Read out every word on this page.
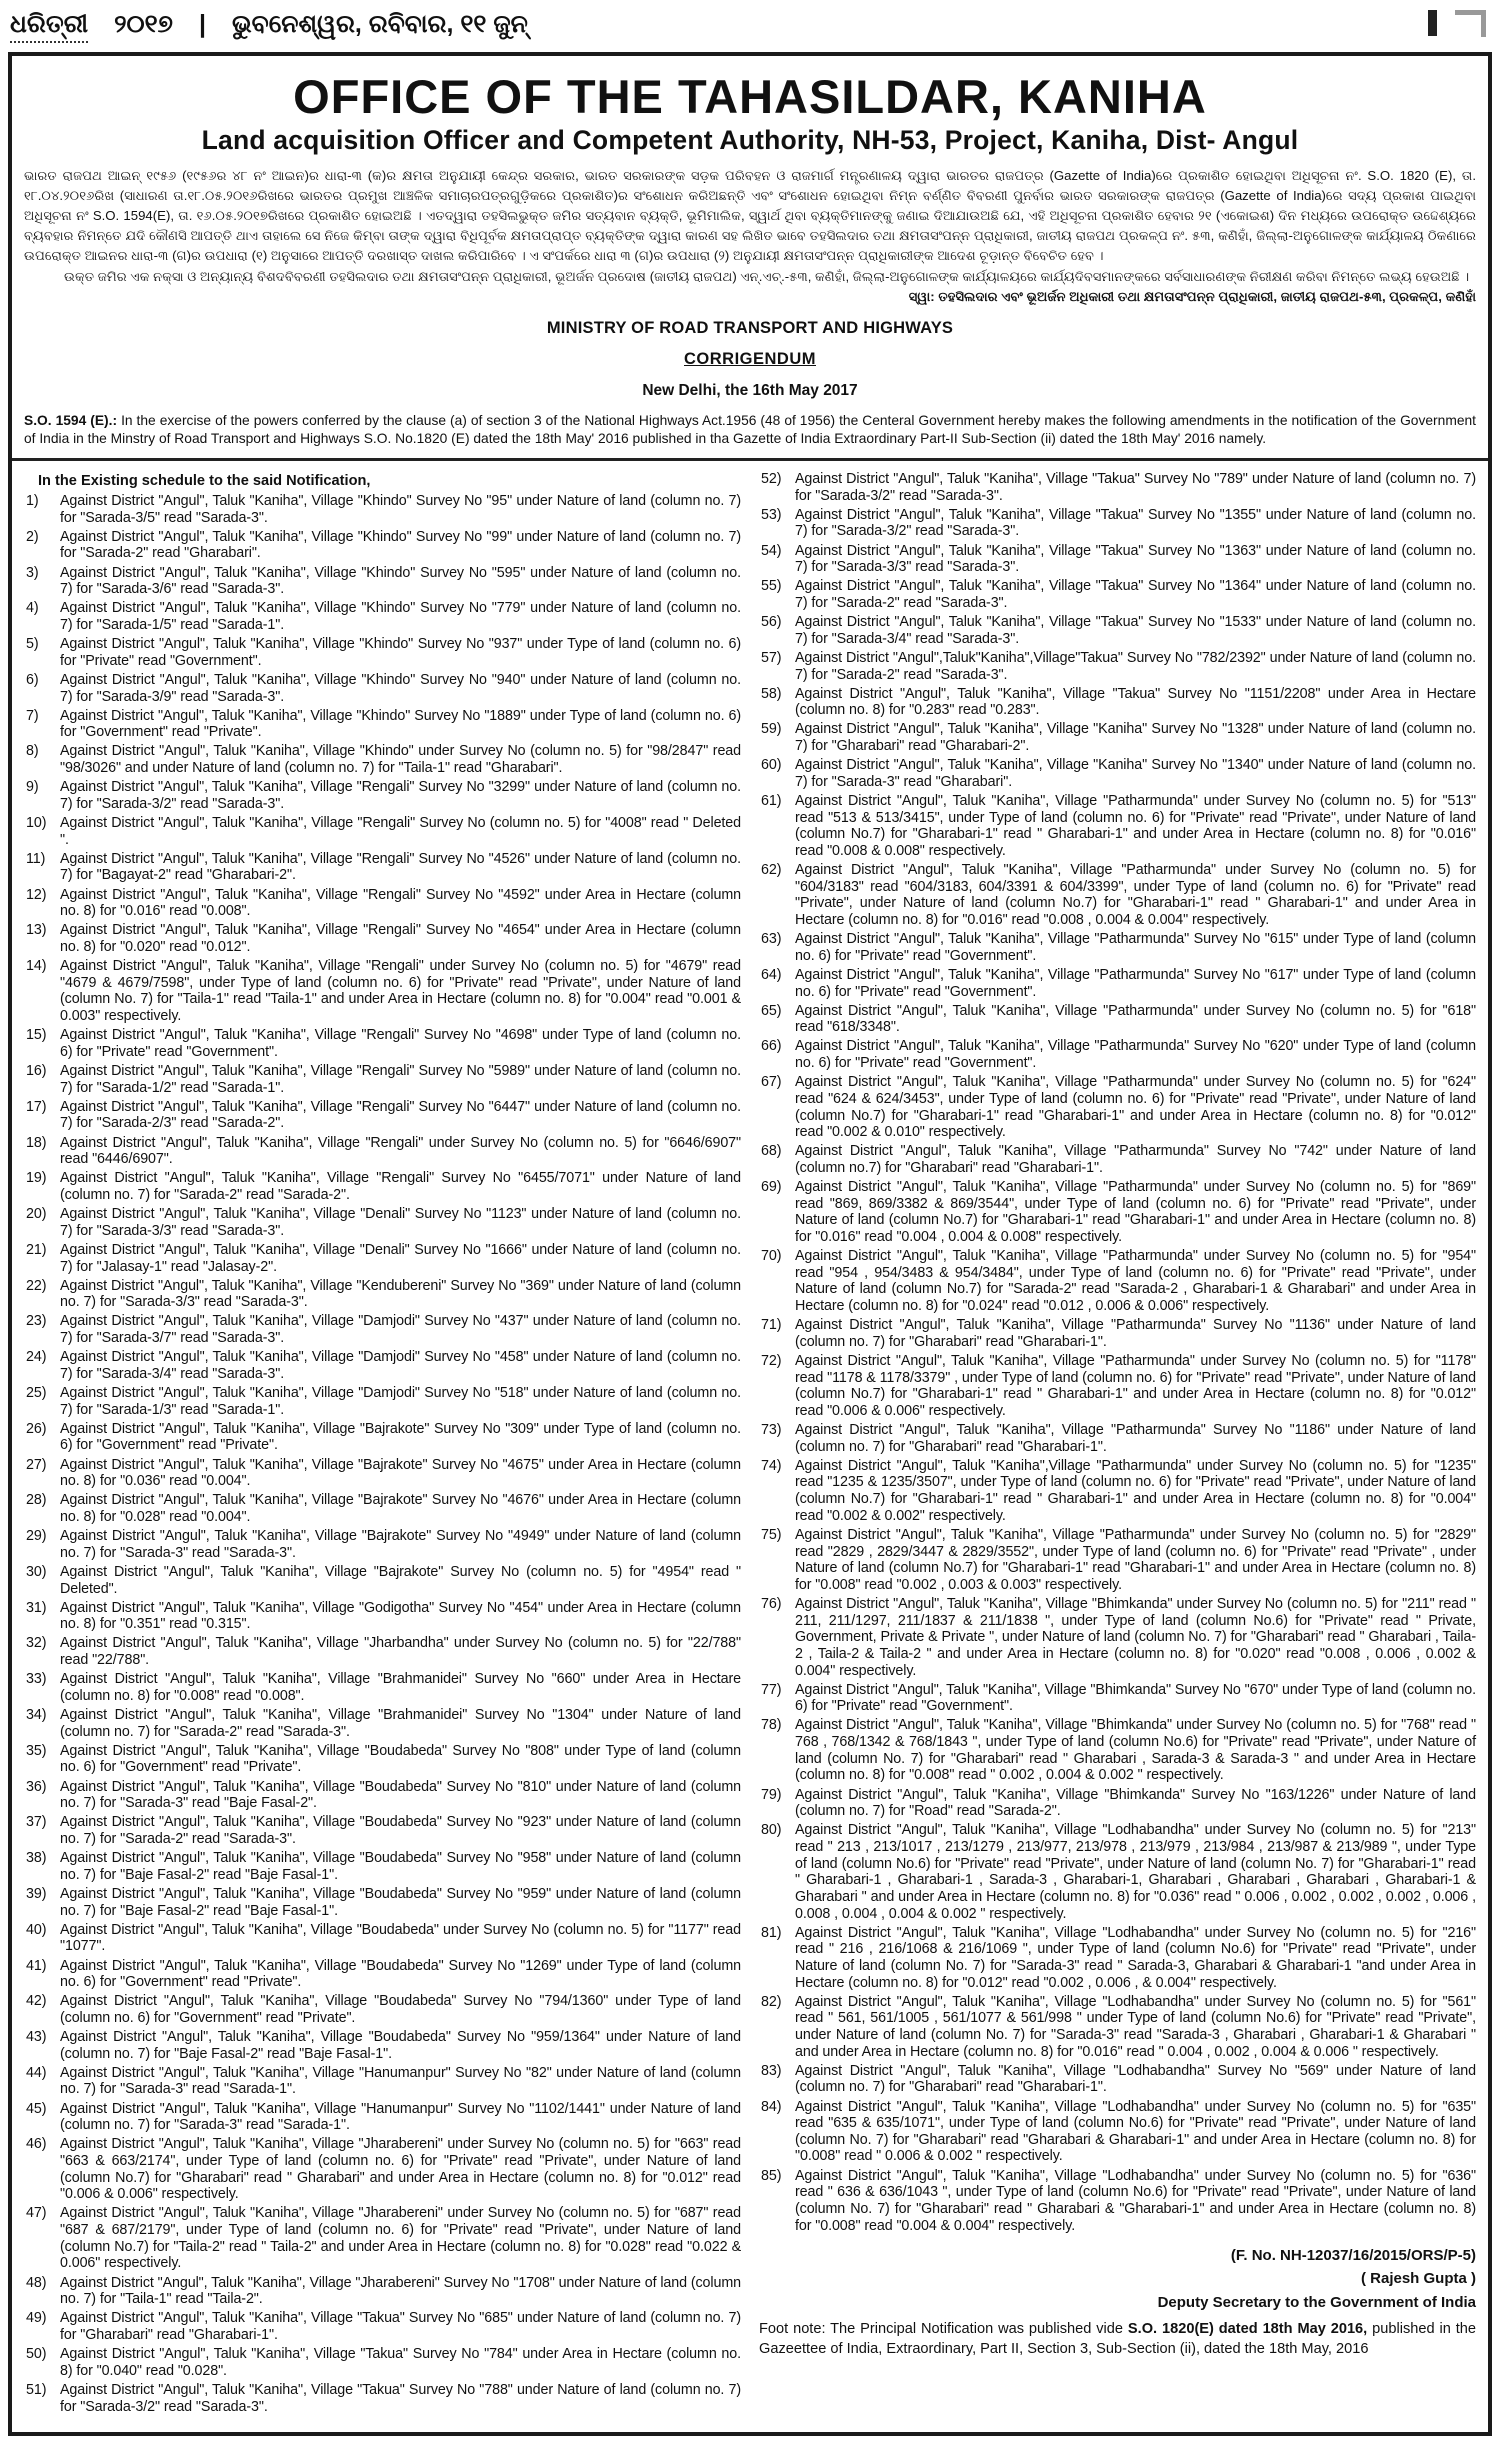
ଧରିତ୍ରୀ ୨୦୧୭ | ଭୁବନେଶ୍ୱର, ରବିବାର, ୧୧ ଜୁନ୍
OFFICE OF THE TAHASILDAR, KANIHA
Land acquisition Officer and Competent Authority, NH-53, Project, Kaniha, Dist- Angul
ଭାରତ ରାଜପଥ ଆଇନ୍ ୧୯୫୬ (୧୯୫୬ର ୪୮ ନଂ ଆଇନ)ର ଧାରା-୩ (କ)ର କ୍ଷମତା ଅନୁଯାୟୀ କେନ୍ଦ୍ର ସରକାର, ଭାରତ ସରକାରଙ୍କ ସଡ଼କ ପରିବହନ ଓ ରାଜମାର୍ଗ ମନ୍ତ୍ରଣାଳୟ ଦ୍ୱାରା ଭାରତର ରାଜପତ୍ର (Gazette of India)ରେ ପ୍ରକାଶିତ ହୋଇଥିବା ଅଧିସୂଚନା ନଂ. S.O. 1820 (E), ତା. ୧୮.୦୪.୨୦୧୬ରିଖ (ସାଧାରଣ ତା.୧୮.୦୫.୨୦୧୬ରିଖରେ ଭାରତର ପ୍ରମୁଖ ଆଞ୍ଚଳିକ ସମାଚାରପତ୍ରଗୁଡ଼ିକରେ ପ୍ରକାଶିତ)ର ସଂଶୋଧନ କରିଅଛନ୍ତି ଏବଂ ସଂଶୋଧନ ହୋଇଥିବା ନିମ୍ନ ବର୍ଣ୍ଣିତ ବିବରଣୀ ପୁନର୍ବାର ଭାରତ ସରକାରଙ୍କ ରାଜପତ୍ର (Gazette of India)ରେ ସଦ୍ୟ ପ୍ରକାଶ ପାଇଥିବା ଅଧିସୂଚନା ନଂ S.O. 1594(E), ତା. ୧୬.୦୫.୨୦୧୭ରିଖରେ ପ୍ରକାଶିତ ହୋଇଅଛି । ଏତଦ୍ୱାରା ତହସିଲଭୁକ୍ତ ଜମିର ସତ୍ୟବାନ ବ୍ୟକ୍ତି, ଭୂମିମାଲିକ, ସ୍ୱାର୍ଥ ଥିବା ବ୍ୟକ୍ତିମାନଙ୍କୁ ଜଣାଇ ଦିଆଯାଉଅଛି ଯେ, ଏହି ଅଧିସୂଚନା ପ୍ରକାଶିତ ହେବାର ୨୧ (ଏକୋଇଶ) ଦିନ ମଧ୍ୟରେ ଉପରୋକ୍ତ ଉଦ୍ଦେଶ୍ୟରେ ବ୍ୟବହାର ନିମନ୍ତେ ଯଦି କୌଣସି ଆପତ୍ତି ଥାଏ ତାହାଲେ ସେ ନିଜେ କିମ୍ବା ତାଙ୍କ ଦ୍ୱାରା ବିଧିପୂର୍ବକ କ୍ଷମତାପ୍ରାପ୍ତ ବ୍ୟକ୍ତିଙ୍କ ଦ୍ୱାରା କାରଣ ସହ ଲିଖିତ ଭାବେ ତହସିଲଦାର ତଥା କ୍ଷମତାସଂପନ୍ନ ପ୍ରାଧିକାରୀ, ଜାତୀୟ ରାଜପଥ ପ୍ରକଳ୍ପ ନଂ. ୫୩, କଣିହାଁ, ଜିଲ୍ଲା-ଅନୁଗୋଳଙ୍କ କାର୍ଯ୍ୟାଳୟ ଠିକଣାରେ ଉପରୋକ୍ତ ଆଇନର ଧାରା-୩ (ଗ)ର ଉପଧାରା (୧) ଅନୁସାରେ ଆପତ୍ତି ଦରଖାସ୍ତ ଦାଖଲ କରିପାରିବେ । ଏ ସଂପର୍କରେ ଧାରା ୩ (ଗ)ର ଉପଧାରା (୨) ଅନୁଯାୟୀ କ୍ଷମତାସଂପନ୍ନ ପ୍ରାଧିକାରୀଙ୍କ ଆଦେଶ ଚୂଡ଼ାନ୍ତ ବିବେଚିତ ହେବ ।
ଉକ୍ତ ଜମିର ଏକ ନକ୍ସା ଓ ଅନ୍ୟାନ୍ୟ ବିଶଦବିବରଣୀ ତହସିଲଦାର ତଥା କ୍ଷମତାସଂପନ୍ନ ପ୍ରାଧିକାରୀ, ଭୂଅର୍ଜନ ପ୍ରଦୋଷ (ଜାତୀୟ ରାଜପଥ) ଏନ୍.ଏଚ୍.-୫୩, କଣିହାଁ, ଜିଲ୍ଲା-ଅନୁଗୋଳଙ୍କ କାର୍ଯ୍ୟାଳୟରେ କାର୍ଯ୍ୟଦିବସମାନଙ୍କରେ ସର୍ବସାଧାରଣଙ୍କ ନିରୀକ୍ଷଣ କରିବା ନିମନ୍ତେ ଲଭ୍ୟ ହେଉଅଛି ।
ସ୍ୱା: ତହସିଲଦାର ଏବଂ ଭୂଅର୍ଜନ ଅଧିକାରୀ ତଥା କ୍ଷମତାସଂପନ୍ନ ପ୍ରାଧିକାରୀ, ଜାତୀୟ ରାଜପଥ-୫୩, ପ୍ରକଳ୍ପ, କଣିହାଁ
MINISTRY OF ROAD TRANSPORT AND HIGHWAYS
CORRIGENDUM
New Delhi, the 16th May 2017
S.O. 1594 (E).: In the exercise of the powers conferred by the clause (a) of section 3 of the National Highways Act.1956 (48 of 1956) the Centeral Government hereby makes the following amendments in the notification of the Government of India in the Minstry of Road Transport and Highways S.O. No.1820 (E) dated the 18th May' 2016 published in tha Gazette of India Extraordinary Part-II Sub-Section (ii) dated the 18th May' 2016 namely.
In the Existing schedule to the said Notification,
1)	Against District "Angul", Taluk "Kaniha", Village "Khindo" Survey No "95" under Nature of land (column no. 7) for "Sarada-3/5" read "Sarada-3".
2)	Against District "Angul", Taluk "Kaniha", Village "Khindo" Survey No "99" under Nature of land (column no. 7) for "Sarada-2" read "Gharabari".
3)	Against District "Angul", Taluk "Kaniha", Village "Khindo" Survey No "595" under Nature of land (column no. 7) for "Sarada-3/6" read "Sarada-3".
4)	Against District "Angul", Taluk "Kaniha", Village "Khindo" Survey No "779" under Nature of land (column no. 7) for "Sarada-1/5" read "Sarada-1".
5)	Against District "Angul", Taluk "Kaniha", Village "Khindo" Survey No "937" under Type of land (column no. 6) for "Private" read "Government".
6)	Against District "Angul", Taluk "Kaniha", Village "Khindo" Survey No "940" under Nature of land (column no. 7) for "Sarada-3/9" read "Sarada-3".
7)	Against District "Angul", Taluk "Kaniha", Village "Khindo" Survey No "1889" under Type of land (column no. 6) for "Government" read "Private".
8)	Against District "Angul", Taluk "Kaniha", Village "Khindo" under Survey No (column no. 5) for "98/2847" read "98/3026" and under Nature of land (column no. 7) for "Taila-1" read "Gharabari".
9)	Against District "Angul", Taluk "Kaniha", Village "Rengali" Survey No "3299" under Nature of land (column no. 7) for "Sarada-3/2" read "Sarada-3".
10) Against District "Angul", Taluk "Kaniha", Village "Rengali" Survey No (column no. 5) for "4008" read " Deleted ".
11)	Against District "Angul", Taluk "Kaniha", Village "Rengali" Survey No "4526" under Nature of land (column no. 7) for "Bagayat-2" read "Gharabari-2".
12) Against District "Angul", Taluk "Kaniha", Village "Rengali" Survey No "4592" under Area in Hectare (column no. 8) for "0.016" read "0.008".
13) Against District "Angul", Taluk "Kaniha", Village "Rengali" Survey No "4654" under Area in Hectare (column no. 8) for "0.020" read "0.012".
14) Against District "Angul", Taluk "Kaniha", Village "Rengali" under Survey No (column no. 5) for "4679" read "4679 & 4679/7598", under Type of land (column no. 6) for "Private" read "Private", under Nature of land (column No. 7) for "Taila-1" read "Taila-1" and under Area in Hectare (column no. 8) for "0.004" read "0.001 & 0.003" respectively.
15) Against District "Angul", Taluk "Kaniha", Village "Rengali" Survey No "4698" under Type of land (column no. 6) for "Private" read "Government".
16) Against District "Angul", Taluk "Kaniha", Village "Rengali" Survey No "5989" under Nature of land (column no. 7) for "Sarada-1/2" read "Sarada-1".
17) Against District "Angul", Taluk "Kaniha", Village "Rengali" Survey No "6447" under Nature of land (column no. 7) for "Sarada-2/3" read "Sarada-2".
18) Against District "Angul", Taluk "Kaniha", Village "Rengali" under Survey No (column no. 5) for "6646/6907" read "6446/6907".
19) Against District "Angul", Taluk "Kaniha", Village "Rengali" Survey No "6455/7071" under Nature of land (column no. 7) for "Sarada-2" read "Sarada-2".
20) Against District "Angul", Taluk "Kaniha", Village "Denali" Survey No "1123" under Nature of land (column no. 7) for "Sarada-3/3" read "Sarada-3".
21) Against District "Angul", Taluk "Kaniha", Village "Denali" Survey No "1666" under Nature of land (column no. 7) for "Jalasay-1" read "Jalasay-2".
22) Against District "Angul", Taluk "Kaniha", Village "Kendubereni" Survey No "369" under Nature of land (column no. 7) for "Sarada-3/3" read "Sarada-3".
23) Against District "Angul", Taluk "Kaniha", Village "Damjodi" Survey No "437" under Nature of land (column no. 7) for "Sarada-3/7" read "Sarada-3".
24) Against District "Angul", Taluk "Kaniha", Village "Damjodi" Survey No "458" under Nature of land (column no. 7) for "Sarada-3/4" read "Sarada-3".
25) Against District "Angul", Taluk "Kaniha", Village "Damjodi" Survey No "518" under Nature of land (column no. 7) for "Sarada-1/3" read "Sarada-1".
26) Against District "Angul", Taluk "Kaniha", Village "Bajrakote" Survey No "309" under Type of land (column no. 6) for "Government" read "Private".
27) Against District "Angul", Taluk "Kaniha", Village "Bajrakote" Survey No "4675" under Area in Hectare (column no. 8) for "0.036" read "0.004".
28) Against District "Angul", Taluk "Kaniha", Village "Bajrakote" Survey No "4676" under Area in Hectare (column no. 8) for "0.028" read "0.004".
29) Against District "Angul", Taluk "Kaniha", Village "Bajrakote" Survey No "4949" under Nature of land (column no. 7) for "Sarada-3" read "Sarada-3".
30) Against District "Angul", Taluk "Kaniha", Village "Bajrakote" Survey No (column no. 5) for "4954" read " Deleted".
31) Against District "Angul", Taluk "Kaniha", Village "Godigotha" Survey No "454" under Area in Hectare (column no. 8) for "0.351" read "0.315".
32) Against District "Angul", Taluk "Kaniha", Village "Jharbandha" under Survey No (column no. 5) for "22/788" read "22/788".
33) Against District "Angul", Taluk "Kaniha", Village "Brahmanidei" Survey No "660" under Area in Hectare (column no. 8) for "0.008" read "0.008".
34) Against District "Angul", Taluk "Kaniha", Village "Brahmanidei" Survey No "1304" under Nature of land (column no. 7) for "Sarada-2" read "Sarada-3".
35) Against District "Angul", Taluk "Kaniha", Village "Boudabeda" Survey No "808" under Type of land (column no. 6) for "Government" read "Private".
36) Against District "Angul", Taluk "Kaniha", Village "Boudabeda" Survey No "810" under Nature of land (column no. 7) for "Sarada-3" read "Baje Fasal-2".
37) Against District "Angul", Taluk "Kaniha", Village "Boudabeda" Survey No "923" under Nature of land (column no. 7) for "Sarada-2" read "Sarada-3".
38) Against District "Angul", Taluk "Kaniha", Village "Boudabeda" Survey No "958" under Nature of land (column no. 7) for "Baje Fasal-2" read "Baje Fasal-1".
39) Against District "Angul", Taluk "Kaniha", Village "Boudabeda" Survey No "959" under Nature of land (column no. 7) for "Baje Fasal-2" read "Baje Fasal-1".
40) Against District "Angul", Taluk "Kaniha", Village "Boudabeda" under Survey No (column no. 5) for "1177" read "1077".
41) Against District "Angul", Taluk "Kaniha", Village "Boudabeda" Survey No "1269" under Type of land (column no. 6) for "Government" read "Private".
42) Against District "Angul", Taluk "Kaniha", Village "Boudabeda" Survey No "794/1360" under Type of land (column no. 6) for "Government" read "Private".
43) Against District "Angul", Taluk "Kaniha", Village "Boudabeda" Survey No "959/1364" under Nature of land (column no. 7) for "Baje Fasal-2" read "Baje Fasal-1".
44) Against District "Angul", Taluk "Kaniha", Village "Hanumanpur" Survey No "82" under Nature of land (column no. 7) for "Sarada-3" read "Sarada-1".
45) Against District "Angul", Taluk "Kaniha", Village "Hanumanpur" Survey No "1102/1441" under Nature of land (column no. 7) for "Sarada-3" read "Sarada-1".
46) Against District "Angul", Taluk "Kaniha", Village "Jharabereni" under Survey No (column no. 5) for "663" read "663 & 663/2174", under Type of land (column no. 6) for "Private" read "Private", under Nature of land (column No.7) for "Gharabari" read " Gharabari" and under Area in Hectare (column no. 8) for "0.012" read "0.006 & 0.006" respectively.
47) Against District "Angul", Taluk "Kaniha", Village "Jharabereni" under Survey No (column no. 5) for "687" read "687 & 687/2179", under Type of land (column no. 6) for "Private" read "Private", under Nature of land (column No.7) for "Taila-2" read " Taila-2" and under Area in Hectare (column no. 8) for "0.028" read "0.022 & 0.006" respectively.
48) Against District "Angul", Taluk "Kaniha", Village "Jharabereni" Survey No "1708" under Nature of land (column no. 7) for "Taila-1" read "Taila-2".
49) Against District "Angul", Taluk "Kaniha", Village "Takua" Survey No "685" under Nature of land (column no. 7) for "Gharabari" read "Gharabari-1".
50) Against District "Angul", Taluk "Kaniha", Village "Takua" Survey No "784" under Area in Hectare (column no. 8) for "0.040" read "0.028".
51) Against District "Angul", Taluk "Kaniha", Village "Takua" Survey No "788" under Nature of land (column no. 7) for "Sarada-3/2" read "Sarada-3".
52) Against District "Angul", Taluk "Kaniha", Village "Takua" Survey No "789" under Nature of land (column no. 7) for "Sarada-3/2" read "Sarada-3".
53) Against District "Angul", Taluk "Kaniha", Village "Takua" Survey No "1355" under Nature of land (column no. 7) for "Sarada-3/2" read "Sarada-3".
54) Against District "Angul", Taluk "Kaniha", Village "Takua" Survey No "1363" under Nature of land (column no. 7) for "Sarada-3/3" read "Sarada-3".
55) Against District "Angul", Taluk "Kaniha", Village "Takua" Survey No "1364" under Nature of land (column no. 7) for "Sarada-2" read "Sarada-3".
56) Against District "Angul", Taluk "Kaniha", Village "Takua" Survey No "1533" under Nature of land (column no. 7) for "Sarada-3/4" read "Sarada-3".
57) Against District "Angul",Taluk"Kaniha",Village"Takua" Survey No "782/2392" under Nature of land (column no. 7) for "Sarada-2" read "Sarada-3".
58) Against District "Angul", Taluk "Kaniha", Village "Takua" Survey No "1151/2208" under Area in Hectare (column no. 8) for "0.283" read "0.283".
59) Against District "Angul", Taluk "Kaniha", Village "Kaniha" Survey No "1328" under Nature of land (column no. 7) for "Gharabari" read "Gharabari-2".
60) Against District "Angul", Taluk "Kaniha", Village "Kaniha" Survey No "1340" under Nature of land (column no. 7) for "Sarada-3" read "Gharabari".
61) Against District "Angul", Taluk "Kaniha", Village "Patharmunda" under Survey No (column no. 5) for "513" read "513 & 513/3415", under Type of land (column no. 6) for "Private" read "Private", under Nature of land (column No.7) for "Gharabari-1" read " Gharabari-1" and under Area in Hectare (column no. 8) for "0.016" read "0.008 & 0.008" respectively.
62) Against District "Angul", Taluk "Kaniha", Village "Patharmunda" under Survey No (column no. 5) for "604/3183" read "604/3183, 604/3391 & 604/3399", under Type of land (column no. 6) for "Private" read "Private", under Nature of land (column No.7) for "Gharabari-1" read " Gharabari-1" and under Area in Hectare (column no. 8) for "0.016" read "0.008 , 0.004 & 0.004" respectively.
63) Against District "Angul", Taluk "Kaniha", Village "Patharmunda" Survey No "615" under Type of land (column no. 6) for "Private" read "Government".
64) Against District "Angul", Taluk "Kaniha", Village "Patharmunda" Survey No "617" under Type of land (column no. 6) for "Private" read "Government".
65) Against District "Angul", Taluk "Kaniha", Village "Patharmunda" under Survey No (column no. 5) for "618" read "618/3348".
66) Against District "Angul", Taluk "Kaniha", Village "Patharmunda" Survey No "620" under Type of land (column no. 6) for "Private" read "Government".
67) Against District "Angul", Taluk "Kaniha", Village "Patharmunda" under Survey No (column no. 5) for "624" read "624 & 624/3453", under Type of land (column no. 6) for "Private" read "Private", under Nature of land (column No.7) for "Gharabari-1" read "Gharabari-1" and under Area in Hectare (column no. 8) for "0.012" read "0.002 & 0.010" respectively.
68) Against District "Angul", Taluk "Kaniha", Village "Patharmunda" Survey No "742" under Nature of land (column no.7) for "Gharabari" read "Gharabari-1".
69) Against District "Angul", Taluk "Kaniha", Village "Patharmunda" under Survey No (column no. 5) for "869" read "869, 869/3382 & 869/3544", under Type of land (column no. 6) for "Private" read "Private", under Nature of land (column No.7) for "Gharabari-1" read "Gharabari-1" and under Area in Hectare (column no. 8) for "0.016" read "0.004 , 0.004 & 0.008" respectively.
70) Against District "Angul", Taluk "Kaniha", Village "Patharmunda" under Survey No (column no. 5) for "954" read "954 , 954/3483 & 954/3484", under Type of land (column no. 6) for "Private" read "Private", under Nature of land (column No.7) for "Sarada-2" read "Sarada-2 , Gharabari-1 & Gharabari" and under Area in Hectare (column no. 8) for "0.024" read "0.012 , 0.006 & 0.006" respectively.
71) Against District "Angul", Taluk "Kaniha", Village "Patharmunda" Survey No "1136" under Nature of land (column no. 7) for "Gharabari" read "Gharabari-1".
72) Against District "Angul", Taluk "Kaniha", Village "Patharmunda" under Survey No (column no. 5) for "1178" read "1178 & 1178/3379" , under Type of land (column no. 6) for "Private" read "Private", under Nature of land (column No.7) for "Gharabari-1" read " Gharabari-1" and under Area in Hectare (column no. 8) for "0.012" read "0.006 & 0.006" respectively.
73) Against District "Angul", Taluk "Kaniha", Village "Patharmunda" Survey No "1186" under Nature of land (column no. 7) for "Gharabari" read "Gharabari-1".
74) Against District "Angul", Taluk "Kaniha",Village "Patharmunda" under Survey No (column no. 5) for "1235" read "1235 & 1235/3507", under Type of land (column no. 6) for "Private" read "Private", under Nature of land (column No.7) for "Gharabari-1" read " Gharabari-1" and under Area in Hectare (column no. 8) for "0.004" read "0.002 & 0.002" respectively.
75) Against District "Angul", Taluk "Kaniha", Village "Patharmunda" under Survey No (column no. 5) for "2829" read "2829 , 2829/3447 & 2829/3552", under Type of land (column no. 6) for "Private" read "Private" , under Nature of land (column No.7) for "Gharabari-1" read "Gharabari-1" and under Area in Hectare (column no. 8) for "0.008" read "0.002 , 0.003 & 0.003" respectively.
76) Against District "Angul", Taluk "Kaniha", Village "Bhimkanda" under Survey No (column no. 5) for "211" read " 211, 211/1297, 211/1837 & 211/1838 ", under Type of land (column No.6) for "Private" read " Private, Government, Private & Private ", under Nature of land (column No. 7) for "Gharabari" read " Gharabari , Taila-2 , Taila-2 & Taila-2 " and under Area in Hectare (column no. 8) for "0.020" read "0.008 , 0.006 , 0.002 & 0.004" respectively.
77) Against District "Angul", Taluk "Kaniha", Village "Bhimkanda" Survey No "670" under Type of land (column no. 6) for "Private" read "Government".
78) Against District "Angul", Taluk "Kaniha", Village "Bhimkanda" under Survey No (column no. 5) for "768" read " 768 , 768/1342 & 768/1843 ", under Type of land (column No.6) for "Private" read "Private", under Nature of land (column No. 7) for "Gharabari" read " Gharabari , Sarada-3 & Sarada-3 " and under Area in Hectare (column no. 8) for "0.008" read " 0.002 , 0.004 & 0.002 " respectively.
79) Against District "Angul", Taluk "Kaniha", Village "Bhimkanda" Survey No "163/1226" under Nature of land (column no. 7) for "Road" read "Sarada-2".
80) Against District "Angul", Taluk "Kaniha", Village "Lodhabandha" under Survey No (column no. 5) for "213" read " 213 , 213/1017 , 213/1279 , 213/977, 213/978 , 213/979 , 213/984 , 213/987 & 213/989 ", under Type of land (column No.6) for "Private" read "Private", under Nature of land (column No. 7) for "Gharabari-1" read " Gharabari-1 , Gharabari-1 , Sarada-3 , Gharabari-1, Gharabari , Gharabari , Gharabari , Gharabari-1 & Gharabari " and under Area in Hectare (column no. 8) for "0.036" read " 0.006 , 0.002 , 0.002 , 0.002 , 0.006 , 0.008 , 0.004 , 0.004 & 0.002 " respectively.
81) Against District "Angul", Taluk "Kaniha", Village "Lodhabandha" under Survey No (column no. 5) for "216" read " 216 , 216/1068 & 216/1069 ", under Type of land (column No.6) for "Private" read "Private", under Nature of land (column No. 7) for "Sarada-3" read " Sarada-3, Gharabari & Gharabari-1 "and under Area in Hectare (column no. 8) for "0.012" read "0.002 , 0.006 , & 0.004" respectively.
82) Against District "Angul", Taluk "Kaniha", Village "Lodhabandha" under Survey No (column no. 5) for "561" read " 561, 561/1005 , 561/1077 & 561/998 " under Type of land (column No.6) for "Private" read "Private", under Nature of land (column No. 7) for "Sarada-3" read "Sarada-3 , Gharabari , Gharabari-1 & Gharabari " and under Area in Hectare (column no. 8) for "0.016" read " 0.004 , 0.002 , 0.004 & 0.006 " respectively.
83) Against District "Angul", Taluk "Kaniha", Village "Lodhabandha" Survey No "569" under Nature of land (column no. 7) for "Gharabari" read "Gharabari-1".
84) Against District "Angul", Taluk "Kaniha", Village "Lodhabandha" under Survey No (column no. 5) for "635" read "635 & 635/1071", under Type of land (column No.6) for "Private" read "Private", under Nature of land (column No. 7) for "Gharabari" read "Gharabari & Gharabari-1" and under Area in Hectare (column no. 8) for "0.008" read " 0.006 & 0.002 " respectively.
85) Against District "Angul", Taluk "Kaniha", Village "Lodhabandha" under Survey No (column no. 5) for "636" read " 636 & 636/1043 ", under Type of land (column No.6) for "Private" read "Private", under Nature of land (column No. 7) for "Gharabari" read " Gharabari & "Gharabari-1" and under Area in Hectare (column no. 8) for "0.008" read "0.004 & 0.004" respectively.
(F. No. NH-12037/16/2015/ORS/P-5)
( Rajesh Gupta )
Deputy Secretary to the Government of India
Foot note: The Principal Notification was published vide S.O. 1820(E) dated 18th May 2016, published in the Gazeettee of India, Extraordinary, Part II, Section 3, Sub-Section (ii), dated the 18th May, 2016
